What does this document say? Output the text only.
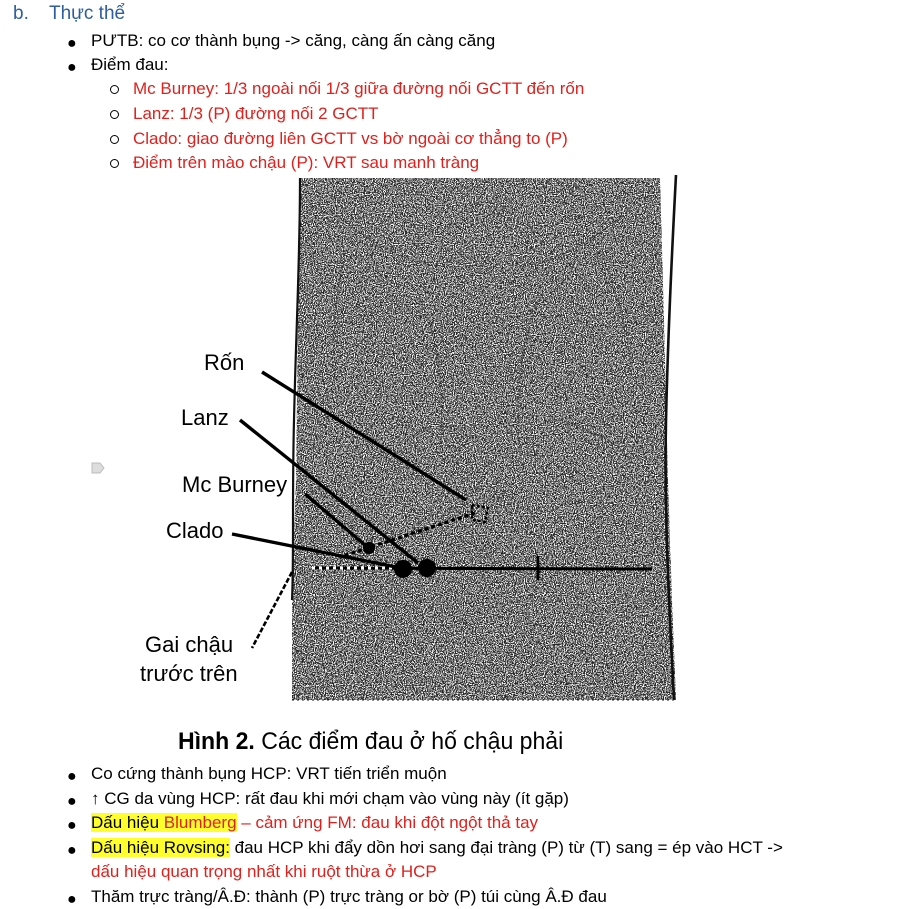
b. Thực thể
● PƯTB: co cơ thành bụng -> căng, càng ấn càng căng
● Điểm đau:
Mc Burney: 1/3 ngoài nối 1/3 giữa đường nối GCTT đến rốn
Lanz: 1/3 (P) đường nối 2 GCTT
Clado: giao đường liên GCTT vs bờ ngoài cơ thẳng to (P)
Điểm trên mào chậu (P): VRT sau manh tràng
Rốn
Lanz
Mc Burney
Clado
Gai chậu
trước trên
Hình 2. Các điểm đau ở hố chậu phải
● Co cứng thành bụng HCP: VRT tiến triển muộn
● ↑ CG da vùng HCP: rất đau khi mới chạm vào vùng này (ít gặp)
● Dấu hiệu Blumberg – cảm ứng FM: đau khi đột ngột thả tay
● Dấu hiệu Rovsing: đau HCP khi đẩy dồn hơi sang đại tràng (P) từ (T) sang = ép vào HCT ->
dấu hiệu quan trọng nhất khi ruột thừa ở HCP
● Thăm trực tràng/Â.Đ: thành (P) trực tràng or bờ (P) túi cùng Â.Đ đau
